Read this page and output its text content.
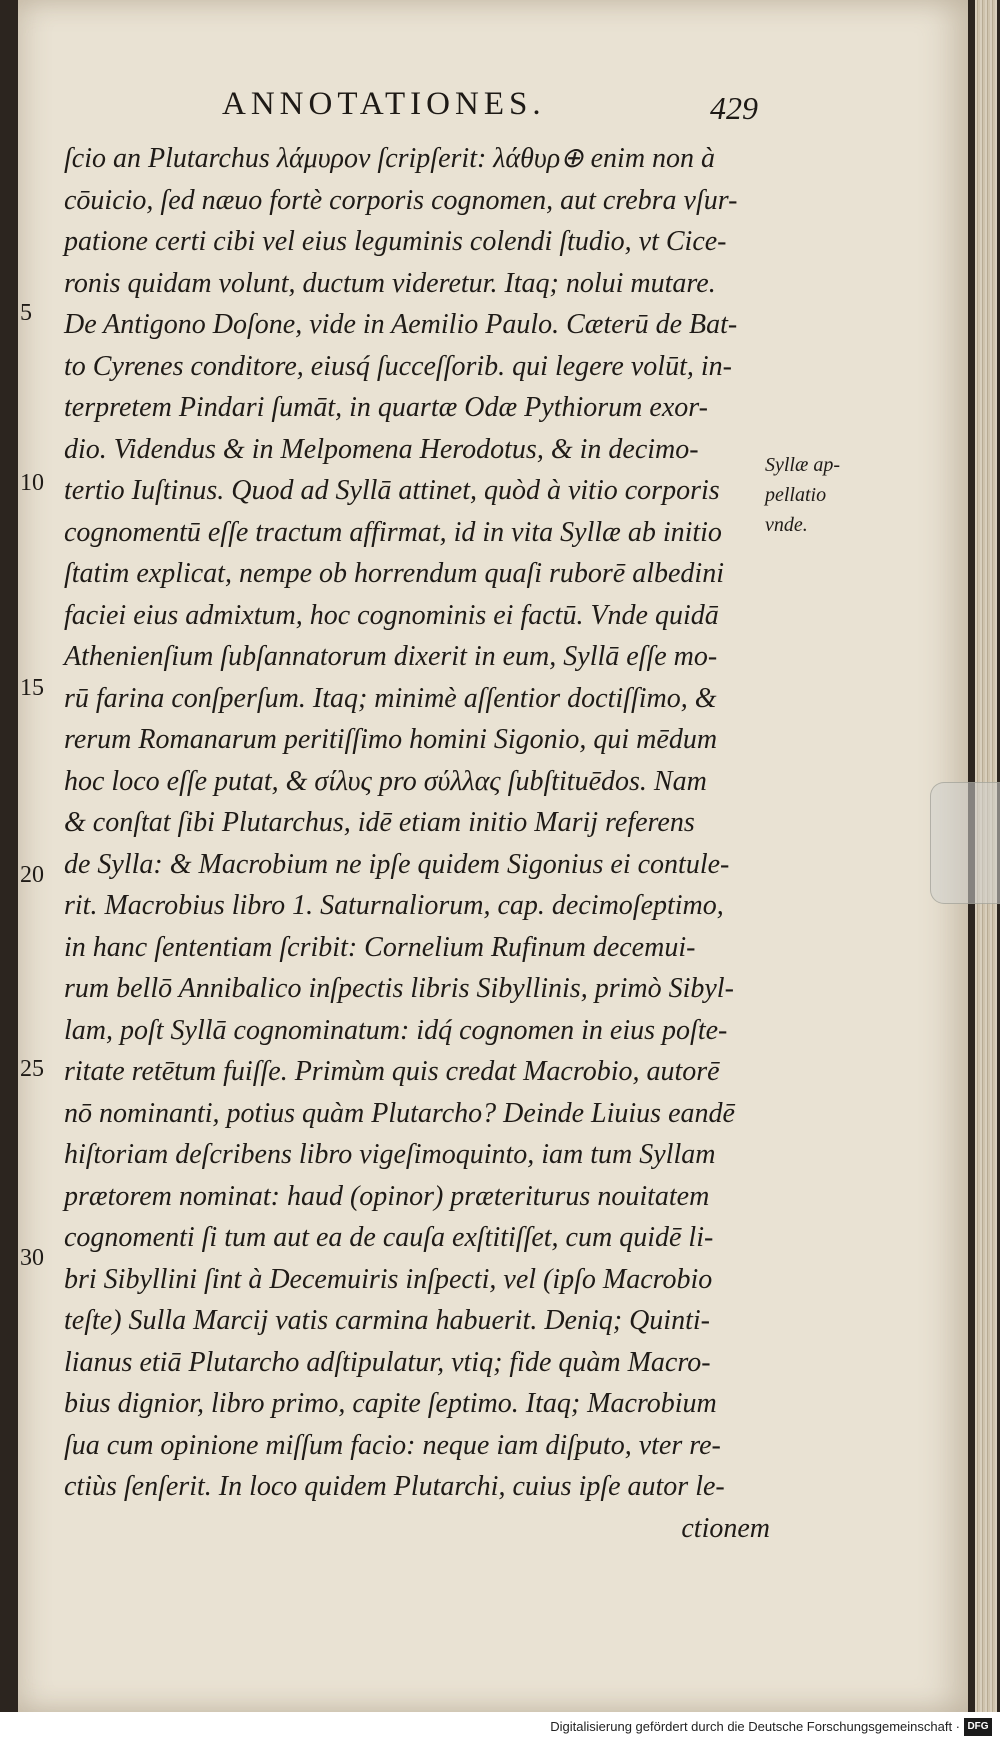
ANNOTATIONES.	429
ſcio an Plutarchus λάμυρον ſcripſerit: λάθυρ⊕ enim non à
cōuicio, ſed næuo fortè corporis cognomen, aut crebra vſur-
patione certi cibi vel eius leguminis colendi ſtudio, vt Cice-
ronis quidam volunt, ductum videretur. Itaq; nolui mutare.
De Antigono Doſone, vide in Aemilio Paulo. Cæterū de Bat-
to Cyrenes conditore, eiusq́ ſucceſſorib. qui legere volūt, in-
terpretem Pindari ſumāt, in quartæ Odæ Pythiorum exor-
dio. Videndus & in Melpomena Herodotus, & in decimo-
tertio Iuſtinus. Quod ad Syllā attinet, quòd à vitio corporis
cognomentū eſſe tractum affirmat, id in vita Syllæ ab initio
ſtatim explicat, nempe ob horrendum quaſi ruborē albedini
faciei eius admixtum, hoc cognominis ei factū. Vnde quidā
Athenienſium ſubſannatorum dixerit in eum, Syllā eſſe mo-
rū farina conſperſum. Itaq; minimè aſſentior doctiſſimo, &
rerum Romanarum peritiſſimo homini Sigonio, qui mēdum
hoc loco eſſe putat, & σίλυς pro σύλλας ſubſtituēdos. Nam
& conſtat ſibi Plutarchus, idē etiam initio Marij referens
de Sylla: & Macrobium ne ipſe quidem Sigonius ei contule-
rit. Macrobius libro 1. Saturnaliorum, cap. decimoſeptimo,
in hanc ſententiam ſcribit: Cornelium Rufinum decemui-
rum bellō Annibalico inſpectis libris Sibyllinis, primò Sibyl-
lam, poſt Syllā cognominatum: idq́ cognomen in eius poſte-
ritate retētum fuiſſe. Primùm quis credat Macrobio, autorē
nō nominanti, potius quàm Plutarcho? Deinde Liuius eandē
hiſtoriam deſcribens libro vigeſimoquinto, iam tum Syllam
prætorem nominat: haud (opinor) præteriturus nouitatem
cognomenti ſi tum aut ea de cauſa exſtitiſſet, cum quidē li-
bri Sibyllini ſint à Decemuiris inſpecti, vel (ipſo Macrobio
teſte) Sulla Marcij vatis carmina habuerit. Deniq; Quinti-
lianus etiā Plutarcho adſtipulatur, vtiq; fide quàm Macro-
bius dignior, libro primo, capite ſeptimo. Itaq; Macrobium
ſua cum opinione miſſum facio: neque iam diſputo, vter re-
ctiùs ſenſerit. In loco quidem Plutarchi, cuius ipſe autor le-
ctionem
5
10
15
20
25
30
Syllæ ap-
pellatio
vnde.
Digitalisierung gefördert durch die Deutsche Forschungsgemeinschaft · DFG
